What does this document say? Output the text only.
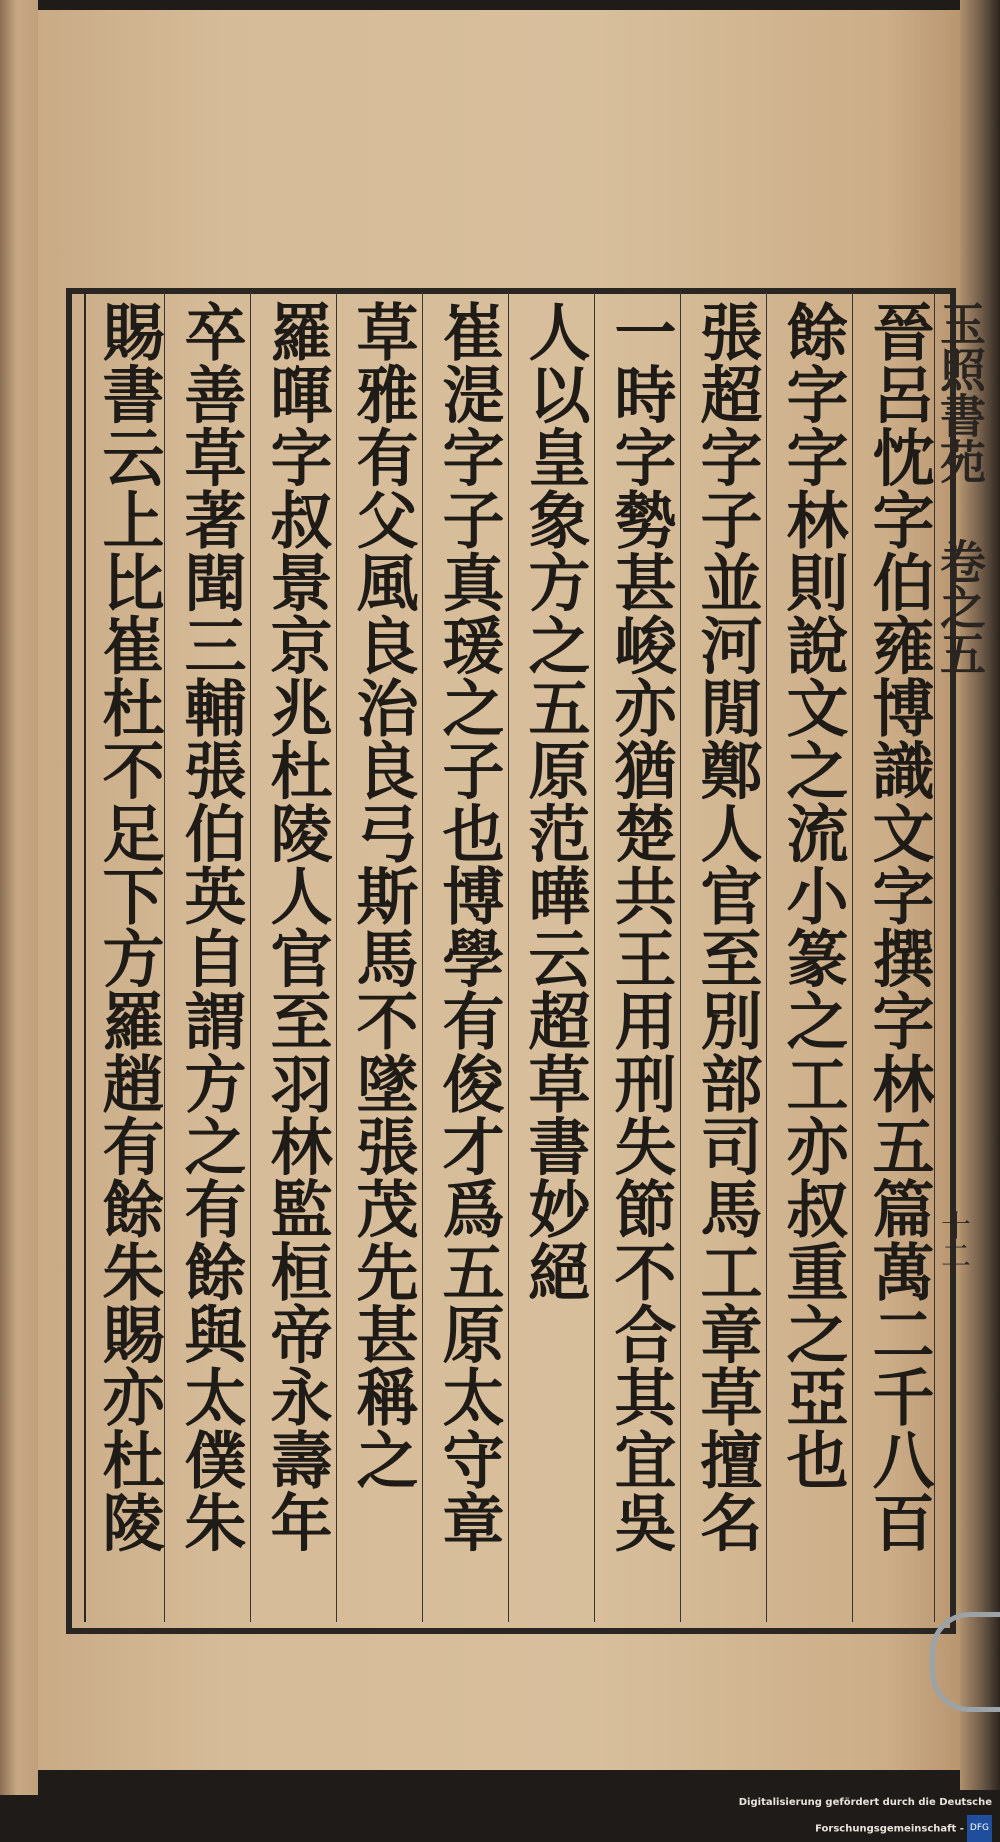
玉照書苑 卷之五
十二
晉呂忱字伯雍博識文字撰字林五篇萬二千八百
餘字字林則說文之流小篆之工亦叔重之亞也
張超字子並河閒鄭人官至別部司馬工章草擅名
一時字勢甚峻亦猶楚共王用刑失節不合其宜吳
人以皇象方之五原范曄云超草書妙絕
崔湜字子真瑗之子也博學有俊才爲五原太守章
草雅有父風良治良弓斯馬不墜張茂先甚稱之
羅暉字叔景京兆杜陵人官至羽林監桓帝永壽年
卒善草著聞三輔張伯英自謂方之有餘與太僕朱
賜書云上比崔杜不足下方羅趙有餘朱賜亦杜陵
Digitalisierung gefördert durch die Deutsche Forschungsgemeinschaft - DFG
